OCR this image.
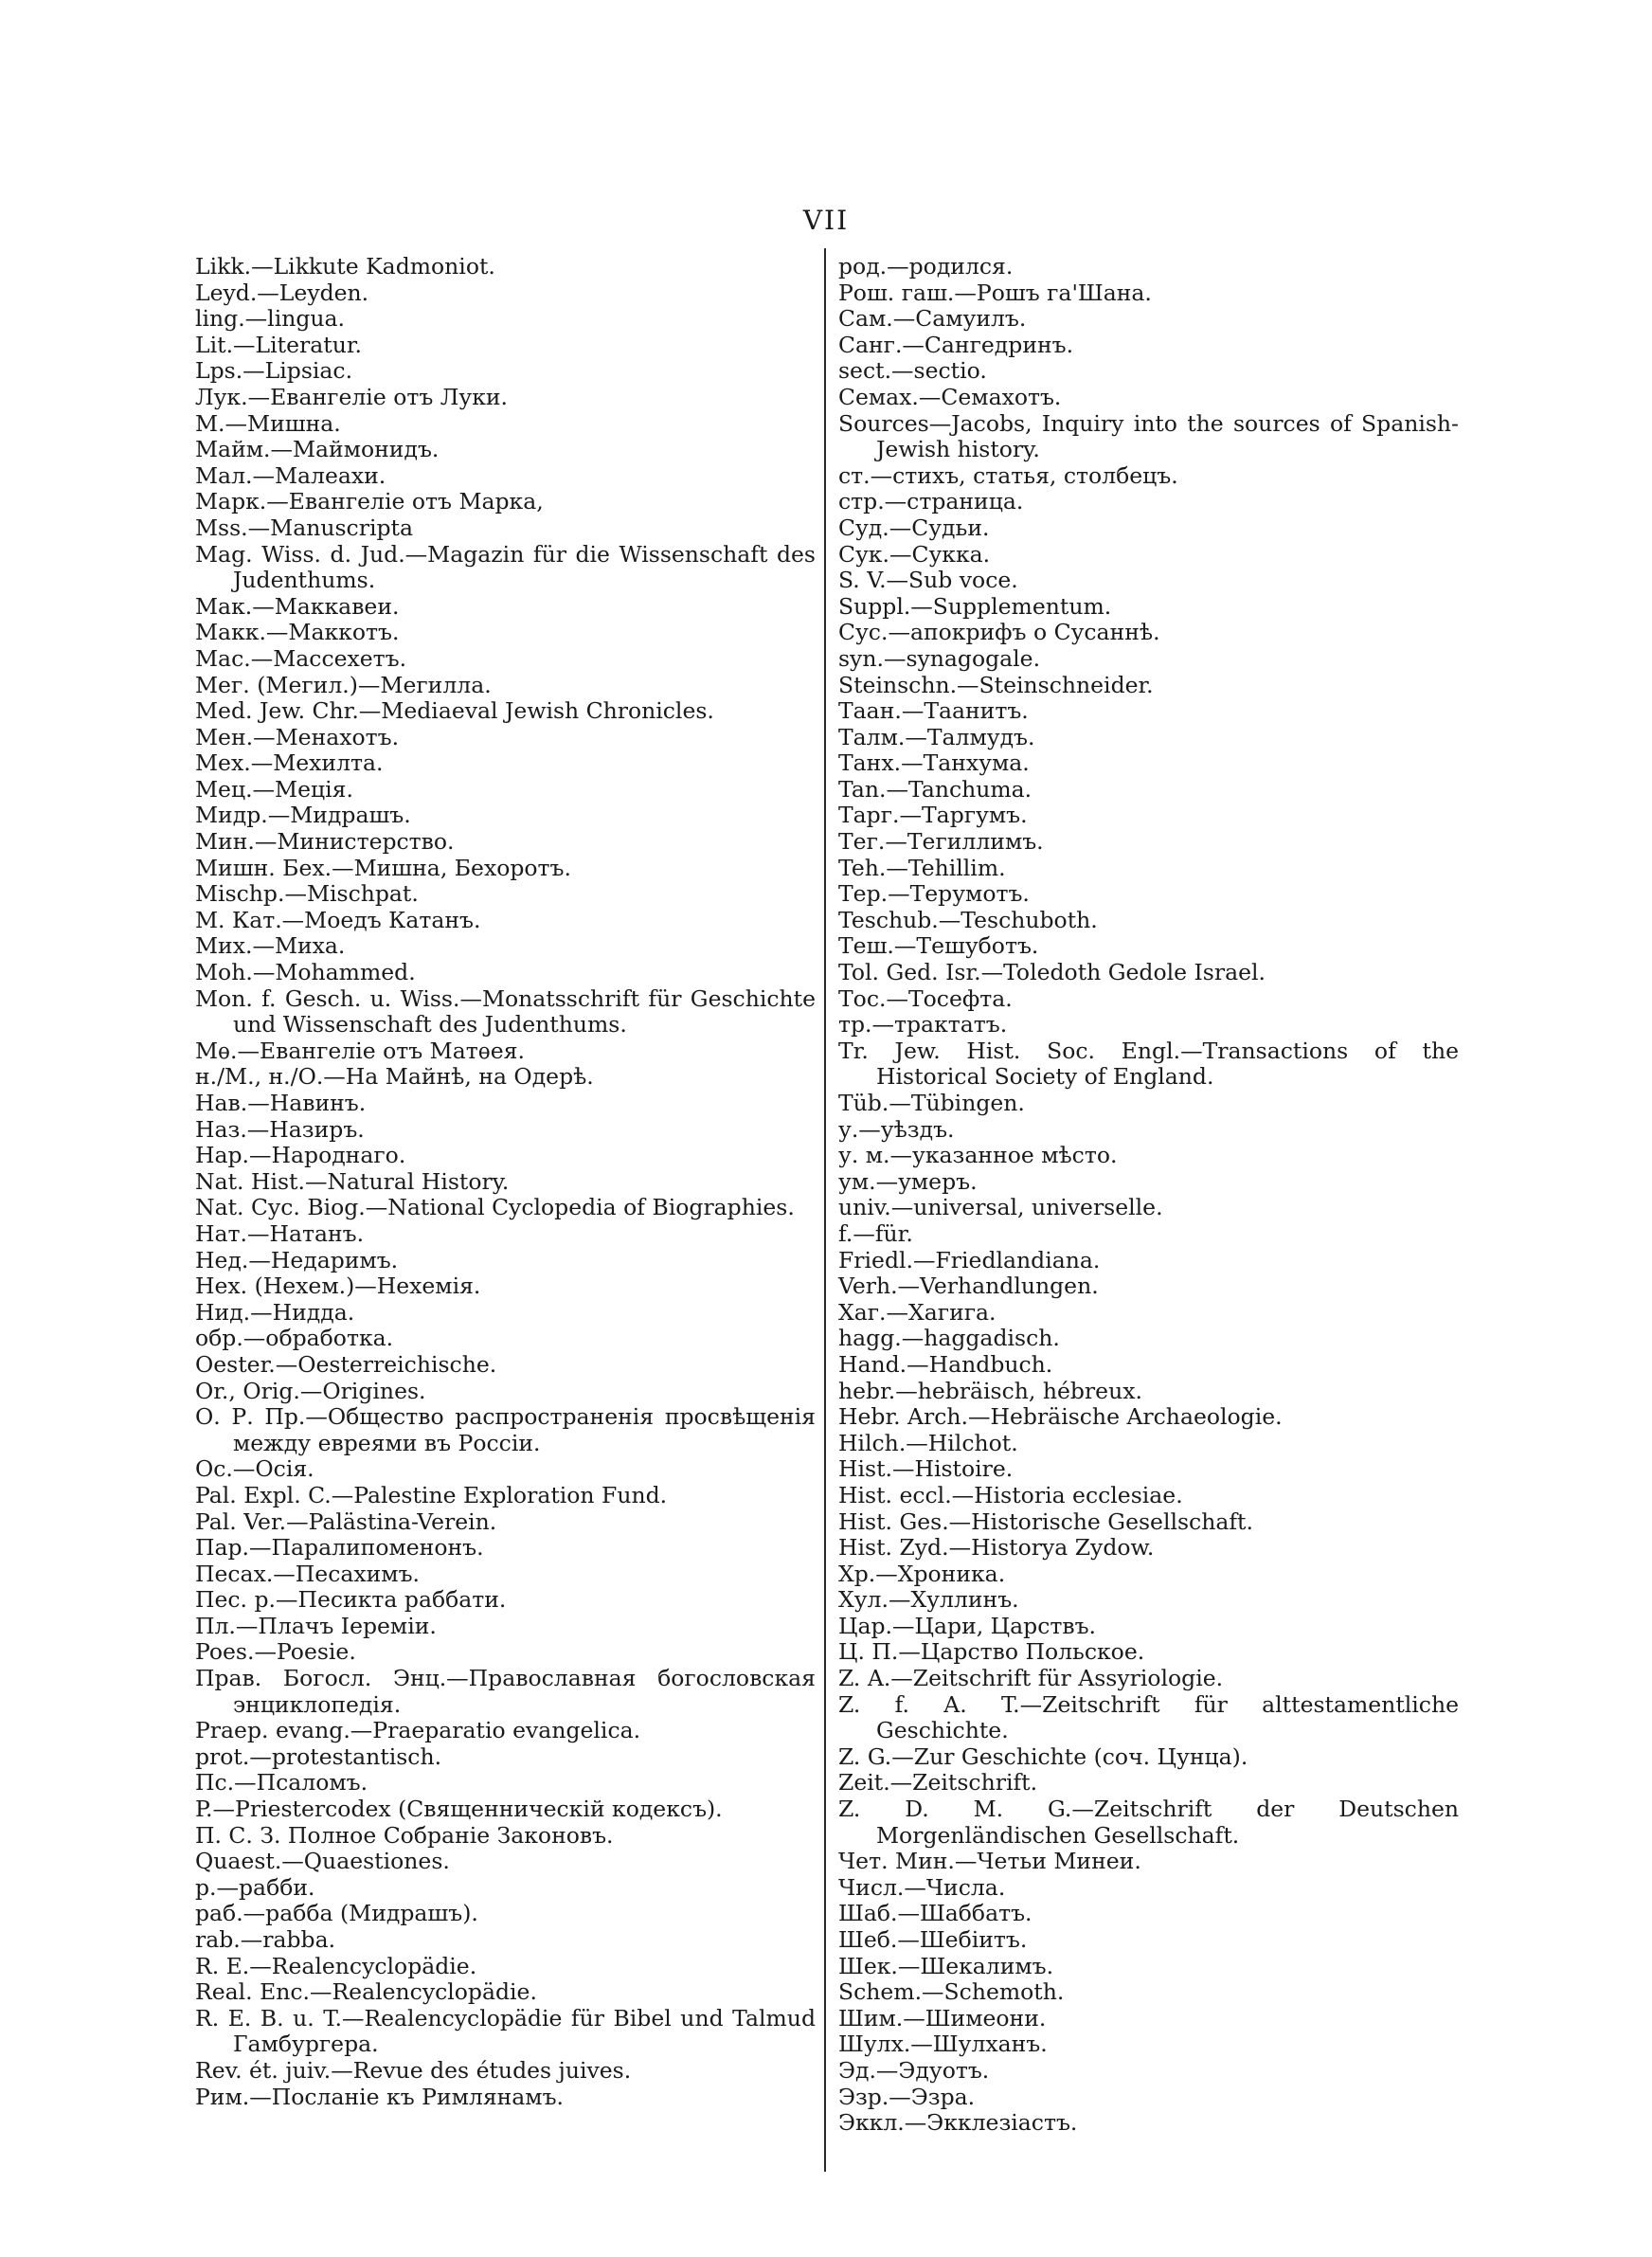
VII

Likk.—Likkute Kadmoniot.

Leyd.—Leyden.

ling.—lingua.

Lit.—Literatur.

Lps.—Lipsiac.

Лук.—Евангеліе отъ Луки.

М.—Мишна.

Майм.—Маймонидъ.

Мал.—Малеахи.

Марк.—Евангеліе отъ Марка,

Mss.—Manuscripta

Mag. Wiss. d. Jud.—Magazin für die Wissenschaft des Judenthums.

Мак.—Маккавеи.

Макк.—Маккотъ.

Мас.—Массехетъ.

Мег. (Мегил.)—Мегилла.

Med. Jew. Chr.—Mediaeval Jewish Chronicles.

Мен.—Менахотъ.

Мех.—Мехилта.

Мец.—Меція.

Мидр.—Мидрашъ.

Мин.—Министерство.

Мишн. Бех.—Мишна, Бехоротъ.

Mischp.—Mischpat.

М. Кат.—Моедъ Катанъ.

Мих.—Миха.

Moh.—Mohammed.

Mon. f. Gesch. u. Wiss.—Monatsschrift für Geschichte und Wissenschaft des Judenthums.

Мѳ.—Евангеліе отъ Матѳея.

н./М., н./О.—На Майнѣ, на Одерѣ.

Нав.—Навинъ.

Наз.—Назиръ.

Нар.—Народнаго.

Nat. Hist.—Natural History.

Nat. Cyc. Biog.—National Cyclopedia of Biographies.

Нат.—Натанъ.

Нед.—Недаримъ.

Нех. (Нехем.)—Нехемія.

Нид.—Нидда.

обр.—обработка.

Oester.—Oesterreichische.

Or., Orig.—Origines.

О. Р. Пр.—Общество распространенія просвѣщенія между евреями въ Россіи.

Ос.—Осія.

Pal. Expl. C.—Palestine Exploration Fund.

Pal. Ver.—Palästina-Verein.

Пар.—Паралипоменонъ.

Песах.—Песахимъ.

Пес. р.—Песикта раббати.

Пл.—Плачъ Іереміи.

Poes.—Poesie.

Прав. Богосл. Энц.—Православная богословская энциклопедія.

Praep. evang.—Praeparatio evangelica.

prot.—protestantisch.

Пс.—Псаломъ.

P.—Priestercodex (Священническій кодексъ).

П. С. З. Полное Собраніе Законовъ.

Quaest.—Quaestiones.

р.—рабби.

раб.—рабба (Мидрашъ).

rab.—rabba.

R. E.—Realencyclopädie.

Real. Enc.—Realencyclopädie.

R. E. B. u. T.—Realencyclopädie für Bibel und Talmud Гамбургера.

Rev. ét. juiv.—Revue des études juives.

Рим.—Посланіе къ Римлянамъ.

род.—родился.

Рош. гаш.—Рошъ га'Шана.

Сам.—Самуилъ.

Санг.—Сангедринъ.

sect.—sectio.

Семах.—Семахотъ.

Sources—Jacobs, Inquiry into the sources of Spanish-Jewish history.

ст.—стихъ, статья, столбецъ.

стр.—страница.

Суд.—Судьи.

Сук.—Сукка.

S. V.—Sub voce.

Suppl.—Supplementum.

Сус.—апокрифъ о Сусаннѣ.

syn.—synagogale.

Steinschn.—Steinschneider.

Таан.—Таанитъ.

Талм.—Талмудъ.

Танх.—Танхума.

Tan.—Tanchuma.

Тарг.—Таргумъ.

Тег.—Тегиллимъ.

Teh.—Tehillim.

Тер.—Терумотъ.

Teschub.—Teschuboth.

Теш.—Тешуботъ.

Tol. Ged. Isr.—Toledoth Gedole Israel.

Тос.—Тосефта.

тр.—трактатъ.

Tr. Jew. Hist. Soc. Engl.—Transactions of the Historical Society of England.

Tüb.—Tübingen.

у.—уѣздъ.

у. м.—указанное мѣсто.

ум.—умеръ.

univ.—universal, universelle.

f.—für.

Friedl.—Friedlandiana.

Verh.—Verhandlungen.

Хаг.—Хагига.

hagg.—haggadisch.

Hand.—Handbuch.

hebr.—hebräisch, hébreux.

Hebr. Arch.—Hebräische Archaeologie.

Hilch.—Hilchot.

Hist.—Histoire.

Hist. eccl.—Historia ecclesiae.

Hist. Ges.—Historische Gesellschaft.

Hist. Zyd.—Historya Zydow.

Хр.—Хроника.

Хул.—Хуллинъ.

Цар.—Цари, Царствъ.

Ц. П.—Царство Польское.

Z. A.—Zeitschrift für Assyriologie.

Z. f. A. T.—Zeitschrift für alttestamentliche Geschichte.

Z. G.—Zur Geschichte (соч. Цунца).

Zeit.—Zeitschrift.

Z. D. M. G.—Zeitschrift der Deutschen Morgenländischen Gesellschaft.

Чет. Мин.—Четьи Минеи.

Числ.—Числа.

Шаб.—Шаббатъ.

Шеб.—Шебіитъ.

Шек.—Шекалимъ.

Schem.—Schemoth.

Шим.—Шимеони.

Шулх.—Шулханъ.

Эд.—Эдуотъ.

Эзр.—Эзра.

Эккл.—Экклезіастъ.
